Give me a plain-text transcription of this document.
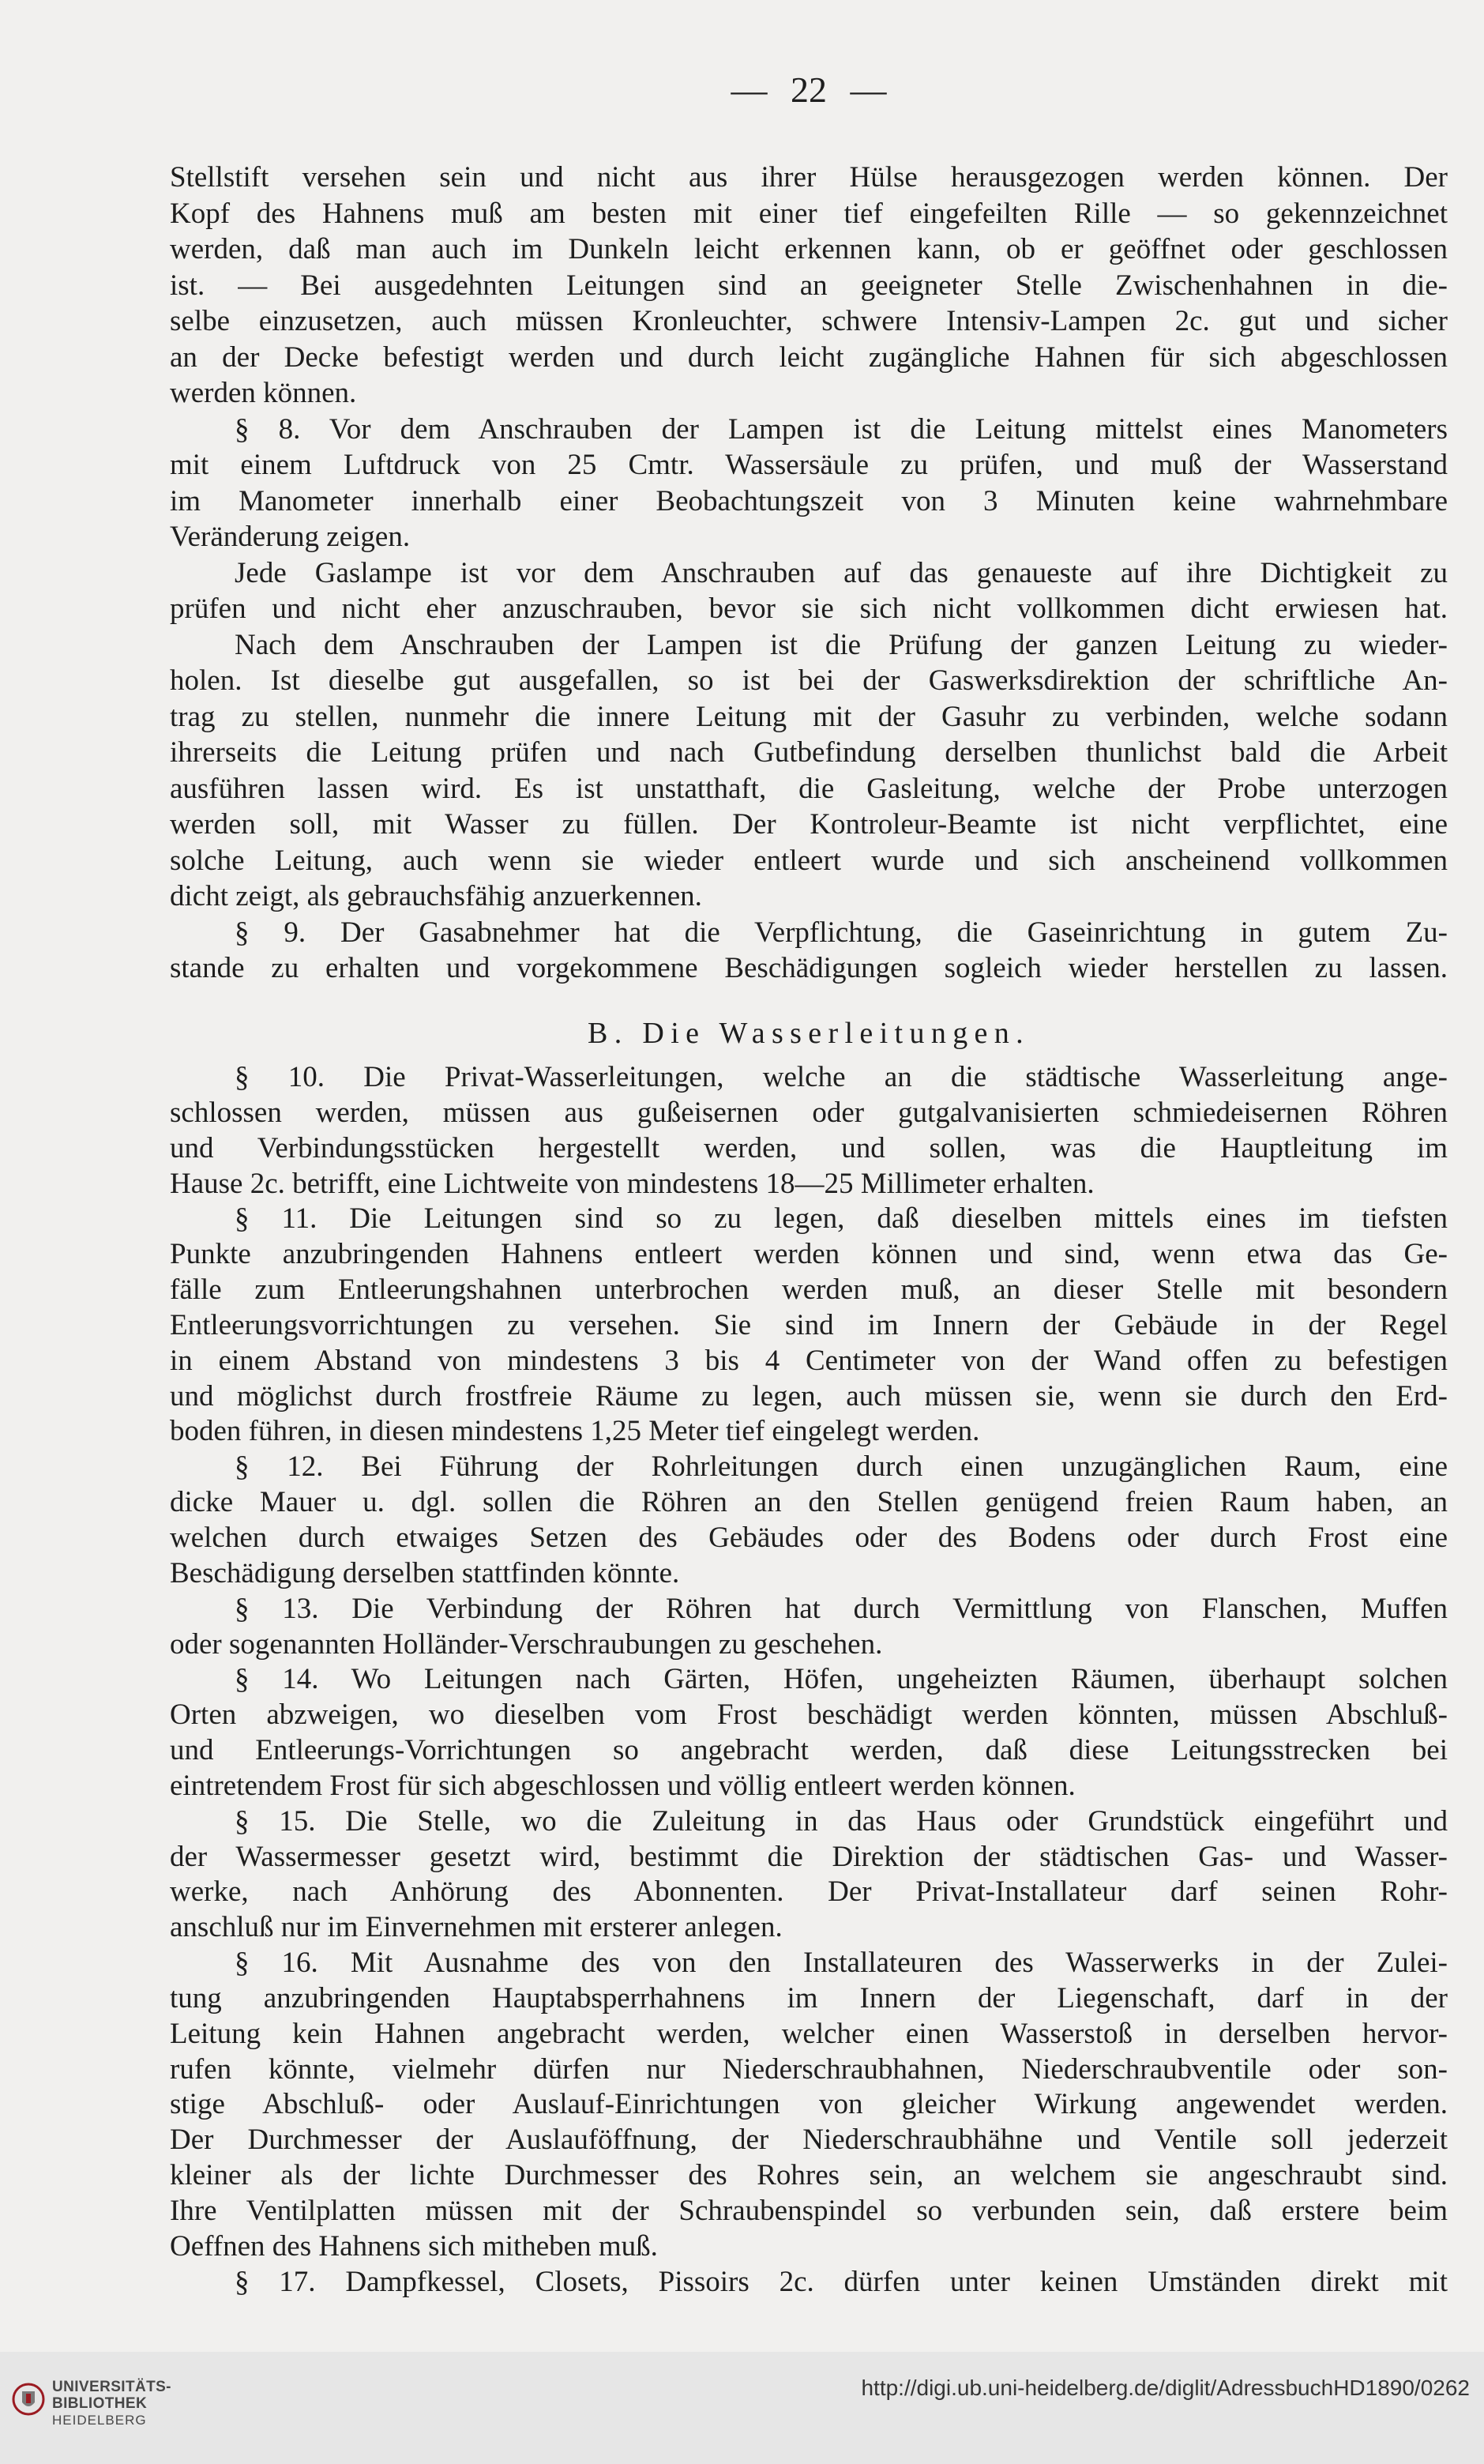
— 22 —
Stellstift versehen sein und nicht aus ihrer Hülse herausgezogen werden können. Der
Kopf des Hahnens muß am besten mit einer tief eingefeilten Rille — so gekennzeichnet
werden, daß man auch im Dunkeln leicht erkennen kann, ob er geöffnet oder geschlossen
ist. — Bei ausgedehnten Leitungen sind an geeigneter Stelle Zwischenhahnen in die-
selbe einzusetzen, auch müssen Kronleuchter, schwere Intensiv-Lampen 2c. gut und sicher
an der Decke befestigt werden und durch leicht zugängliche Hahnen für sich abgeschlossen
werden können.
§ 8. Vor dem Anschrauben der Lampen ist die Leitung mittelst eines Manometers
mit einem Luftdruck von 25 Cmtr. Wassersäule zu prüfen, und muß der Wasserstand
im Manometer innerhalb einer Beobachtungszeit von 3 Minuten keine wahrnehmbare
Veränderung zeigen.
Jede Gaslampe ist vor dem Anschrauben auf das genaueste auf ihre Dichtigkeit zu
prüfen und nicht eher anzuschrauben, bevor sie sich nicht vollkommen dicht erwiesen hat.
Nach dem Anschrauben der Lampen ist die Prüfung der ganzen Leitung zu wieder-
holen. Ist dieselbe gut ausgefallen, so ist bei der Gaswerksdirektion der schriftliche An-
trag zu stellen, nunmehr die innere Leitung mit der Gasuhr zu verbinden, welche sodann
ihrerseits die Leitung prüfen und nach Gutbefindung derselben thunlichst bald die Arbeit
ausführen lassen wird. Es ist unstatthaft, die Gasleitung, welche der Probe unterzogen
werden soll, mit Wasser zu füllen. Der Kontroleur-Beamte ist nicht verpflichtet, eine
solche Leitung, auch wenn sie wieder entleert wurde und sich anscheinend vollkommen
dicht zeigt, als gebrauchsfähig anzuerkennen.
§ 9. Der Gasabnehmer hat die Verpflichtung, die Gaseinrichtung in gutem Zu-
stande zu erhalten und vorgekommene Beschädigungen sogleich wieder herstellen zu lassen.
B. Die Wasserleitungen.
§ 10. Die Privat-Wasserleitungen, welche an die städtische Wasserleitung ange-
schlossen werden, müssen aus gußeisernen oder gutgalvanisierten schmiedeisernen Röhren
und Verbindungsstücken hergestellt werden, und sollen, was die Hauptleitung im
Hause 2c. betrifft, eine Lichtweite von mindestens 18—25 Millimeter erhalten.
§ 11. Die Leitungen sind so zu legen, daß dieselben mittels eines im tiefsten
Punkte anzubringenden Hahnens entleert werden können und sind, wenn etwa das Ge-
fälle zum Entleerungshahnen unterbrochen werden muß, an dieser Stelle mit besondern
Entleerungsvorrichtungen zu versehen. Sie sind im Innern der Gebäude in der Regel
in einem Abstand von mindestens 3 bis 4 Centimeter von der Wand offen zu befestigen
und möglichst durch frostfreie Räume zu legen, auch müssen sie, wenn sie durch den Erd-
boden führen, in diesen mindestens 1,25 Meter tief eingelegt werden.
§ 12. Bei Führung der Rohrleitungen durch einen unzugänglichen Raum, eine
dicke Mauer u. dgl. sollen die Röhren an den Stellen genügend freien Raum haben, an
welchen durch etwaiges Setzen des Gebäudes oder des Bodens oder durch Frost eine
Beschädigung derselben stattfinden könnte.
§ 13. Die Verbindung der Röhren hat durch Vermittlung von Flanschen, Muffen
oder sogenannten Holländer-Verschraubungen zu geschehen.
§ 14. Wo Leitungen nach Gärten, Höfen, ungeheizten Räumen, überhaupt solchen
Orten abzweigen, wo dieselben vom Frost beschädigt werden könnten, müssen Abschluß-
und Entleerungs-Vorrichtungen so angebracht werden, daß diese Leitungsstrecken bei
eintretendem Frost für sich abgeschlossen und völlig entleert werden können.
§ 15. Die Stelle, wo die Zuleitung in das Haus oder Grundstück eingeführt und
der Wassermesser gesetzt wird, bestimmt die Direktion der städtischen Gas- und Wasser-
werke, nach Anhörung des Abonnenten. Der Privat-Installateur darf seinen Rohr-
anschluß nur im Einvernehmen mit ersterer anlegen.
§ 16. Mit Ausnahme des von den Installateuren des Wasserwerks in der Zulei-
tung anzubringenden Hauptabsperrhahnens im Innern der Liegenschaft, darf in der
Leitung kein Hahnen angebracht werden, welcher einen Wasserstoß in derselben hervor-
rufen könnte, vielmehr dürfen nur Niederschraubhahnen, Niederschraubventile oder son-
stige Abschluß- oder Auslauf-Einrichtungen von gleicher Wirkung angewendet werden.
Der Durchmesser der Auslauföffnung, der Niederschraubhähne und Ventile soll jederzeit
kleiner als der lichte Durchmesser des Rohres sein, an welchem sie angeschraubt sind.
Ihre Ventilplatten müssen mit der Schraubenspindel so verbunden sein, daß erstere beim
Oeffnen des Hahnens sich mitheben muß.
§ 17. Dampfkessel, Closets, Pissoirs 2c. dürfen unter keinen Umständen direkt mit
UNIVERSITÄTS-
BIBLIOTHEK
HEIDELBERG
http://digi.ub.uni-heidelberg.de/diglit/AdressbuchHD1890/0262
